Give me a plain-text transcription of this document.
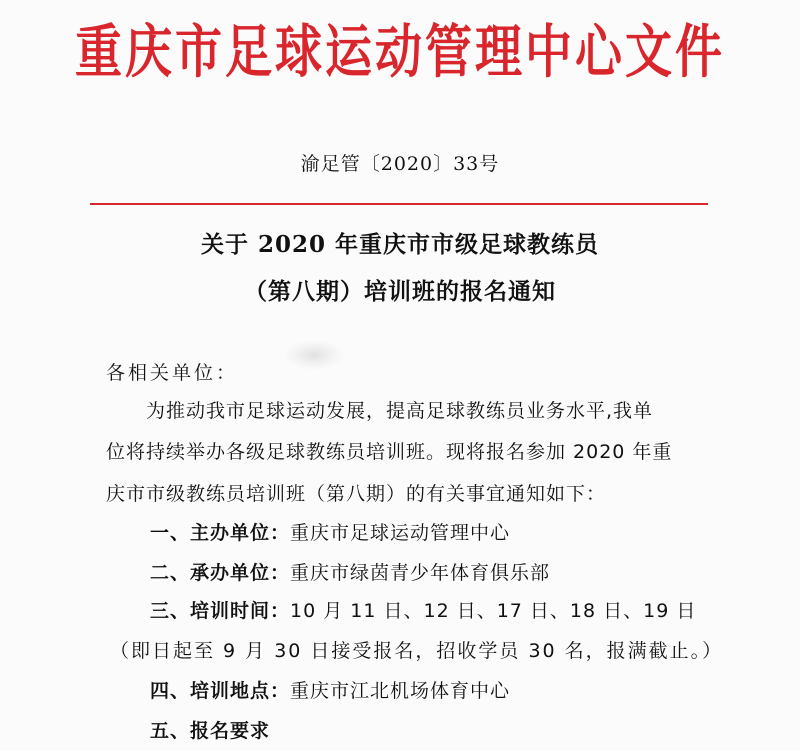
重庆市足球运动管理中心文件
渝足管〔2020〕33号
关于 2020 年重庆市市级足球教练员
（第八期）培训班的报名通知
各相关单位：
为推动我市足球运动发展，提高足球教练员业务水平,我单
位将持续举办各级足球教练员培训班。现将报名参加 2020 年重
庆市市级教练员培训班（第八期）的有关事宜通知如下：
一、主办单位：重庆市足球运动管理中心
二、承办单位：重庆市绿茵青少年体育俱乐部
三、培训时间：10 月 11 日、12 日、17 日、18 日、19 日
（即日起至 9 月 30 日接受报名，招收学员 30 名，报满截止。）
四、培训地点：重庆市江北机场体育中心
五、报名要求
